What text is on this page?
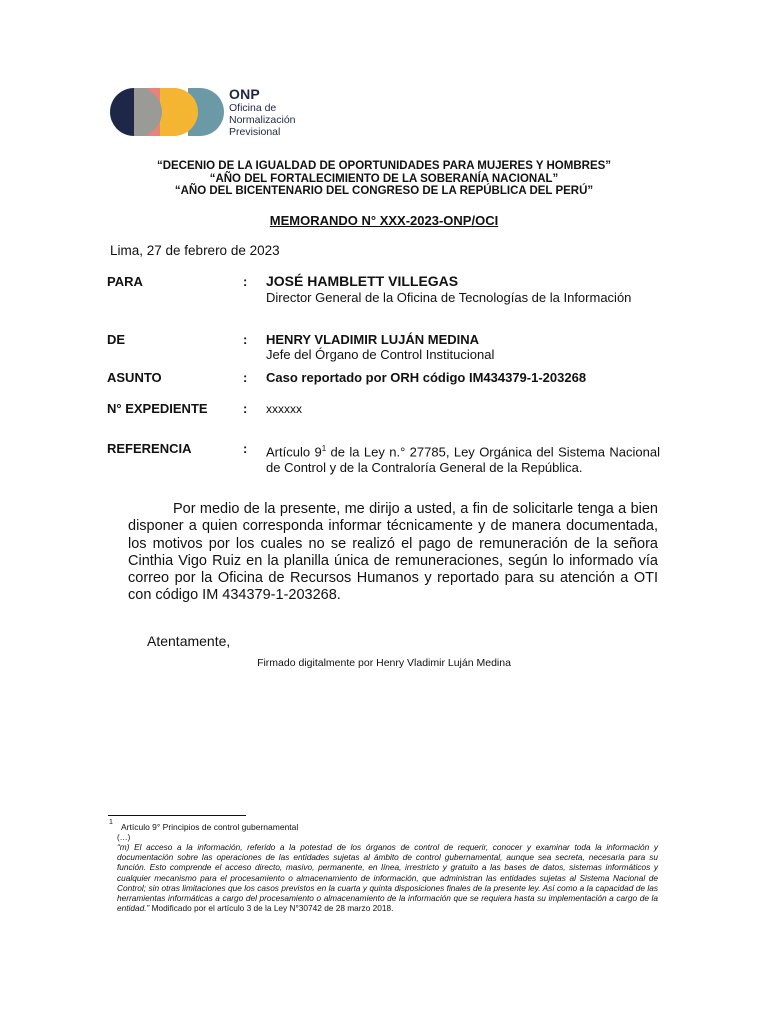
ONP
Oficina de
Normalización
Previsional
“DECENIO DE LA IGUALDAD DE OPORTUNIDADES PARA MUJERES Y HOMBRES”
“AÑO DEL FORTALECIMIENTO DE LA SOBERANÍA NACIONAL”
“AÑO DEL BICENTENARIO DEL CONGRESO DE LA REPÚBLICA DEL PERÚ”
MEMORANDO N° XXX-2023-ONP/OCI
Lima, 27 de febrero de 2023
PARA	: JOSÉ HAMBLETT VILLEGAS
Director General de la Oficina de Tecnologías de la Información
DE	: HENRY VLADIMIR LUJÁN MEDINA
Jefe del Órgano de Control Institucional
ASUNTO	: Caso reportado por ORH código IM434379-1-203268
N° EXPEDIENTE	: xxxxxx
REFERENCIA	: Artículo $9^1$ de la Ley n.° 27785, Ley Orgánica del Sistema Nacional de Control y de la Contraloría General de la República.
Por medio de la presente, me dirijo a usted, a fin de solicitarle tenga a bien disponer a quien corresponda informar técnicamente y de manera documentada, los motivos por los cuales no se realizó el pago de remuneración de la señora Cinthia Vigo Ruiz en la planilla única de remuneraciones, según lo informado vía correo por la Oficina de Recursos Humanos y reportado para su atención a OTI con código IM 434379-1-203268.
Atentamente,
Firmado digitalmente por Henry Vladimir Luján Medina
1 Artículo 9° Principios de control gubernamental
(…)
“m) El acceso a la información, referido a la potestad de los órganos de control de requerir, conocer y examinar toda la información y documentación sobre las operaciones de las entidades sujetas al ámbito de control gubernamental, aunque sea secreta, necesaria para su función. Esto comprende el acceso directo, masivo, permanente, en línea, irrestricto y gratuito a las bases de datos, sistemas informáticos y cualquier mecanismo para el procesamiento o almacenamiento de información, que administran las entidades sujetas al Sistema Nacional de Control; sin otras limitaciones que los casos previstos en la cuarta y quinta disposiciones finales de la presente ley. Así como a la capacidad de las herramientas informáticas a cargo del procesamiento o almacenamiento de la información que se requiera hasta su implementación a cargo de la entidad.” Modificado por el artículo 3 de la Ley N°30742 de 28 marzo 2018.
